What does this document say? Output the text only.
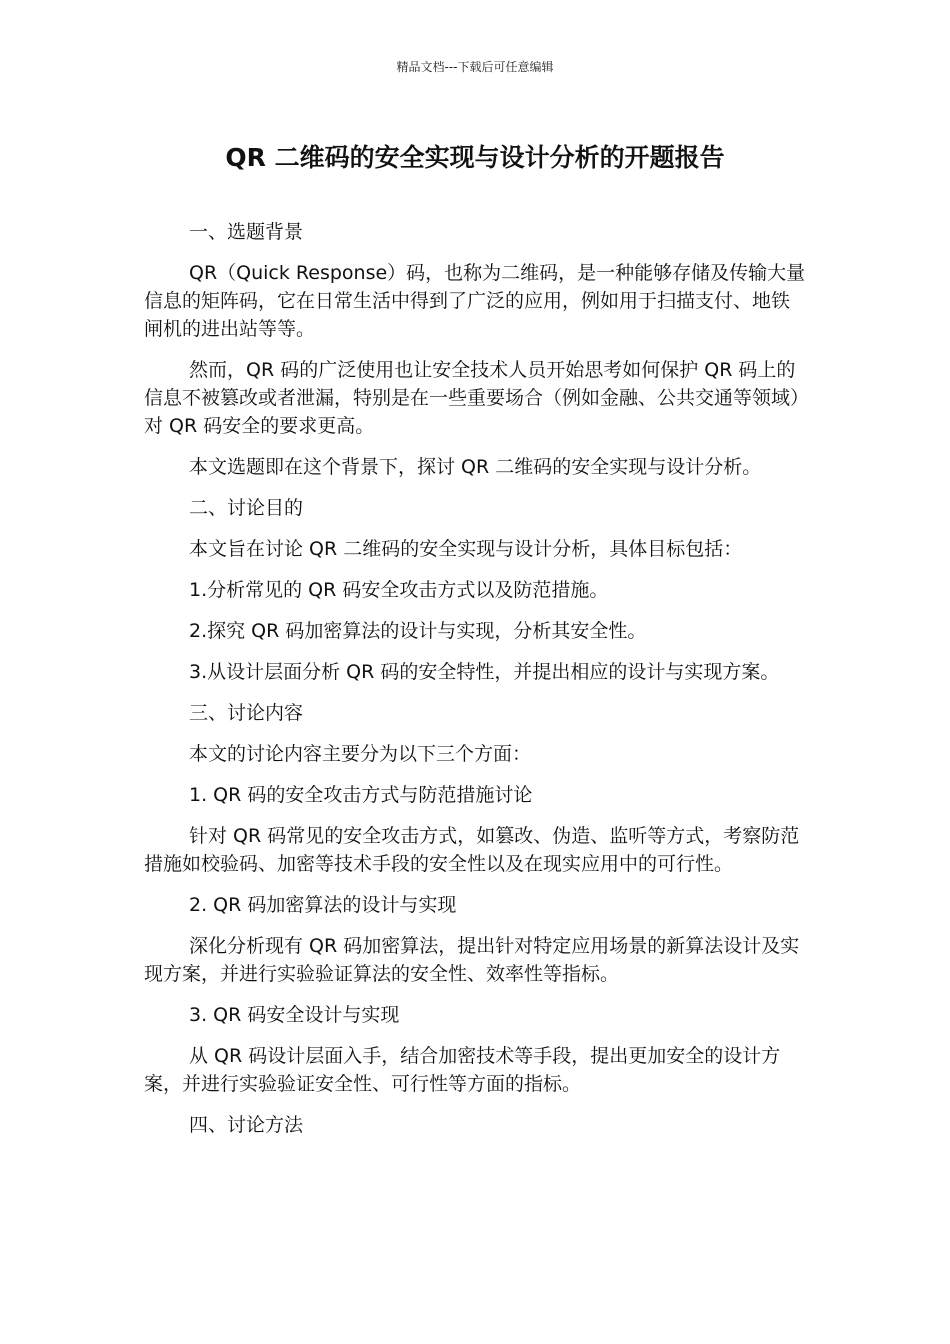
精品文档---下载后可任意编辑
QR 二维码的安全实现与设计分析的开题报告

一、选题背景

QR（Quick Response）码，也称为二维码，是一种能够存储及传输大量信息的矩阵码，它在日常生活中得到了广泛的应用，例如用于扫描支付、地铁闸机的进出站等等。

然而，QR 码的广泛使用也让安全技术人员开始思考如何保护 QR 码上的信息不被篡改或者泄漏，特别是在一些重要场合（例如金融、公共交通等领域）对 QR 码安全的要求更高。

本文选题即在这个背景下，探讨 QR 二维码的安全实现与设计分析。

二、讨论目的

本文旨在讨论 QR 二维码的安全实现与设计分析，具体目标包括：

1.分析常见的 QR 码安全攻击方式以及防范措施。

2.探究 QR 码加密算法的设计与实现，分析其安全性。

3.从设计层面分析 QR 码的安全特性，并提出相应的设计与实现方案。

三、讨论内容

本文的讨论内容主要分为以下三个方面：

1. QR 码的安全攻击方式与防范措施讨论

针对 QR 码常见的安全攻击方式，如篡改、伪造、监听等方式，考察防范措施如校验码、加密等技术手段的安全性以及在现实应用中的可行性。

2. QR 码加密算法的设计与实现

深化分析现有 QR 码加密算法，提出针对特定应用场景的新算法设计及实现方案，并进行实验验证算法的安全性、效率性等指标。

3. QR 码安全设计与实现

从 QR 码设计层面入手，结合加密技术等手段，提出更加安全的设计方案，并进行实验验证安全性、可行性等方面的指标。

四、讨论方法
